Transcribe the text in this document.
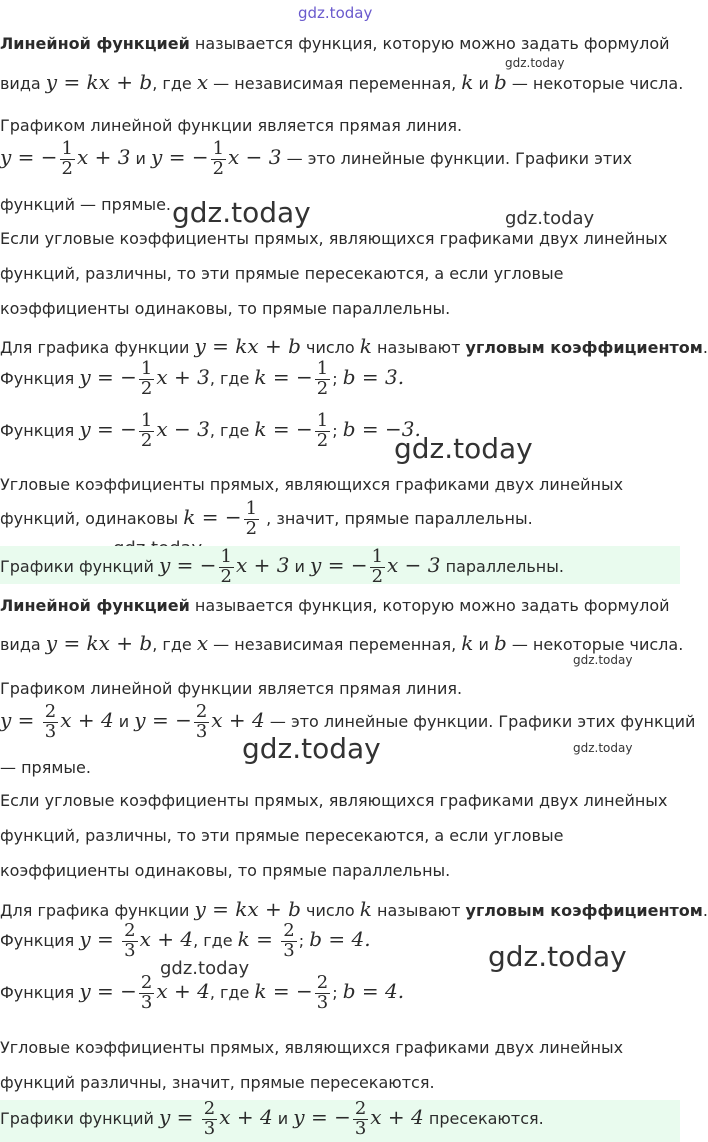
gdz.today
gdz.today
gdz.today	gdz.today
gdz.today
gdz.today
gdz.today	gdz.today
gdz.today
gdz.today
Линейной функцией называется функция, которую можно задать формулой
вида y = kx + b, где x — независимая переменная, k и b — некоторые числа.
Графиком линейной функции является прямая линия.
y = − $\frac{1}{2}$ x + 3 и y = − $\frac{1}{2}$ x − 3 — это линейные функции. Графики этих
функций — прямые.
Если угловые коэффициенты прямых, являющихся графиками двух линейных
функций, различны, то эти прямые пересекаются, а если угловые
коэффициенты одинаковы, то прямые параллельны.
Для графика функции y = kx + b число k называют угловым коэффициентом.
Функция y = − $\frac{1}{2}$ x + 3, где k = − $\frac{1}{2}$ ; b = 3.
Функция y = − $\frac{1}{2}$ x − 3, где k = − $\frac{1}{2}$ ; b = −3.
Угловые коэффициенты прямых, являющихся графиками двух линейных
функций, одинаковы k = − $\frac{1}{2}$ , значит, прямые параллельны.
Графики функций y = − $\frac{1}{2}$ x + 3 и y = − $\frac{1}{2}$ x − 3 параллельны.
Линейной функцией называется функция, которую можно задать формулой
вида y = kx + b, где x — независимая переменная, k и b — некоторые числа.
Графиком линейной функции является прямая линия.
$y = \frac{2}{3}$ x + 4 и y = − $\frac{2}{3}$ x + 4 — это линейные функции. Графики этих функций
— прямые.
Если угловые коэффициенты прямых, являющихся графиками двух линейных
функций, различны, то эти прямые пересекаются, а если угловые
коэффициенты одинаковы, то прямые параллельны.
Для графика функции y = kx + b число k называют угловым коэффициентом.
Функция $y = \frac{2}{3}$ x + 4, где $k = \frac{2}{3}$ ; b = 4.
Функция y = − $\frac{2}{3}$ x + 4, где k = − $\frac{2}{3}$ ; b = 4.
Угловые коэффициенты прямых, являющихся графиками двух линейных
функций различны, значит, прямые пересекаются.
Графики функций $y = \frac{2}{3}$ x + 4 и y = − $\frac{2}{3}$ x + 4 пресекаются.
